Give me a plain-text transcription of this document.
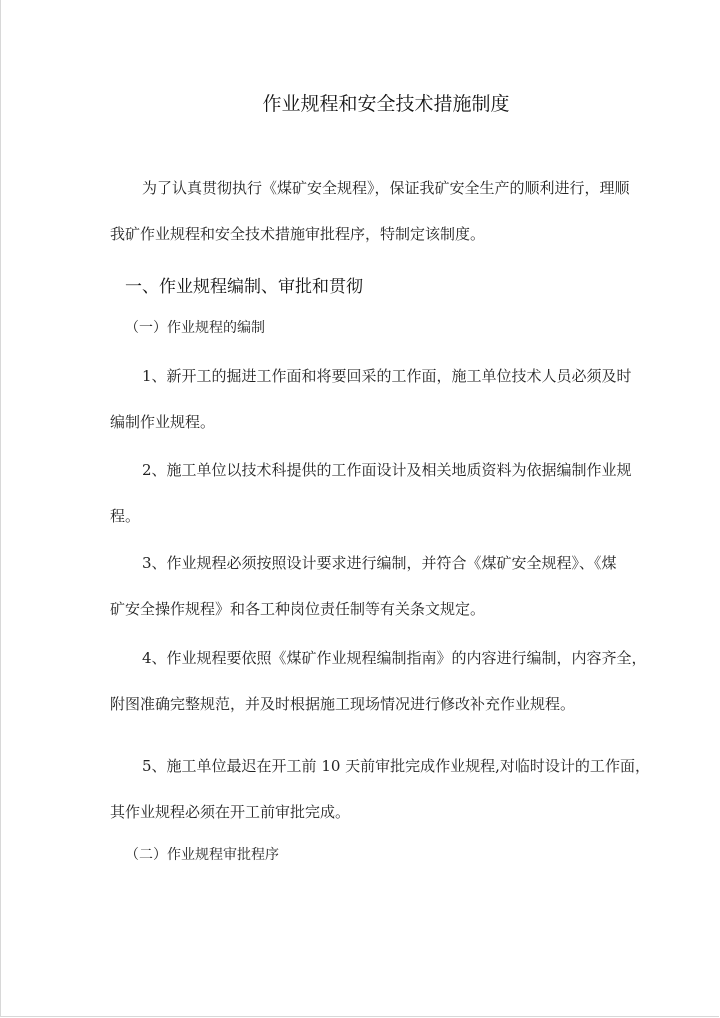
作业规程和安全技术措施制度
为了认真贯彻执行《煤矿安全规程》，保证我矿安全生产的顺利进行，理顺
我矿作业规程和安全技术措施审批程序，特制定该制度。
一、作业规程编制、审批和贯彻
（一）作业规程的编制
1、新开工的掘进工作面和将要回采的工作面，施工单位技术人员必须及时
编制作业规程。
2、施工单位以技术科提供的工作面设计及相关地质资料为依据编制作业规
程。
3、作业规程必须按照设计要求进行编制，并符合《煤矿安全规程》、《煤
矿安全操作规程》和各工种岗位责任制等有关条文规定。
4、作业规程要依照《煤矿作业规程编制指南》的内容进行编制，内容齐全，
附图准确完整规范，并及时根据施工现场情况进行修改补充作业规程。
5、施工单位最迟在开工前 10 天前审批完成作业规程,对临时设计的工作面，
其作业规程必须在开工前审批完成。
（二）作业规程审批程序
